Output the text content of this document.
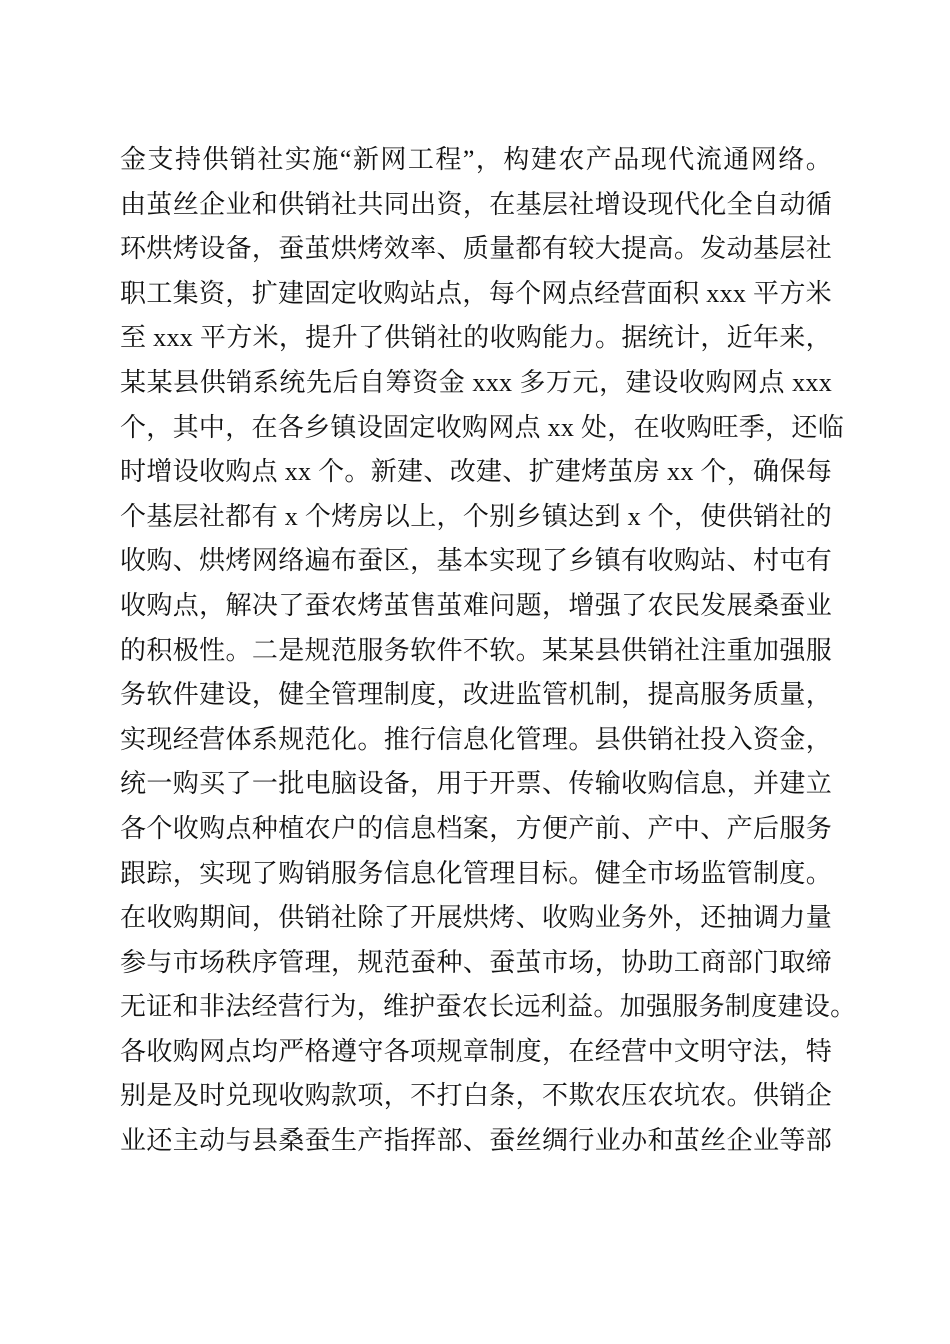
金支持供销社实施“新网工程”，构建农产品现代流通网络。

由茧丝企业和供销社共同出资，在基层社增设现代化全自动循

环烘烤设备，蚕茧烘烤效率、质量都有较大提高。发动基层社

职工集资，扩建固定收购站点，每个网点经营面积 xxx 平方米

至 xxx 平方米，提升了供销社的收购能力。据统计，近年来，

某某县供销系统先后自筹资金 xxx 多万元，建设收购网点 xxx

个，其中，在各乡镇设固定收购网点 xx 处，在收购旺季，还临

时增设收购点 xx 个。新建、改建、扩建烤茧房 xx 个，确保每

个基层社都有 x 个烤房以上，个别乡镇达到 x 个，使供销社的

收购、烘烤网络遍布蚕区，基本实现了乡镇有收购站、村屯有

收购点，解决了蚕农烤茧售茧难问题，增强了农民发展桑蚕业

的积极性。二是规范服务软件不软。某某县供销社注重加强服

务软件建设，健全管理制度，改进监管机制，提高服务质量，

实现经营体系规范化。推行信息化管理。县供销社投入资金，

统一购买了一批电脑设备，用于开票、传输收购信息，并建立

各个收购点种植农户的信息档案，方便产前、产中、产后服务

跟踪，实现了购销服务信息化管理目标。健全市场监管制度。

在收购期间，供销社除了开展烘烤、收购业务外，还抽调力量

参与市场秩序管理，规范蚕种、蚕茧市场，协助工商部门取缔

无证和非法经营行为，维护蚕农长远利益。加强服务制度建设。

各收购网点均严格遵守各项规章制度，在经营中文明守法，特

别是及时兑现收购款项，不打白条，不欺农压农坑农。供销企

业还主动与县桑蚕生产指挥部、蚕丝绸行业办和茧丝企业等部
